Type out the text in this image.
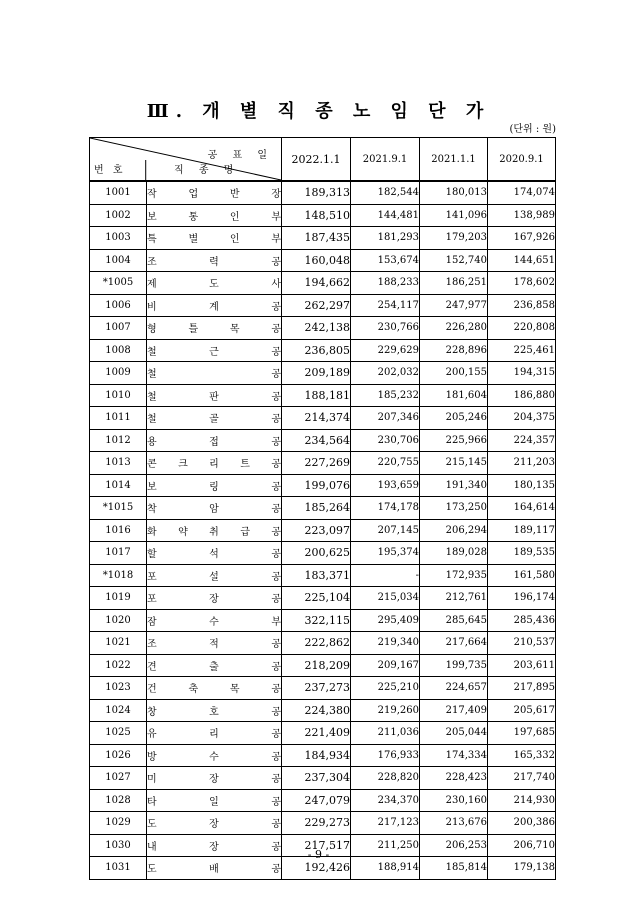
Ⅲ. 개 별 직 종 노 임 단 가
(단위 : 원)
공 표 일
번 호 직 종 명		2022.1.1	2021.9.1	2021.1.1	2020.9.1
1001	작 업 반 장	189,313	182,544	180,013	174,074
1002	보 통 인 부	148,510	144,481	141,096	138,989
1003	특 별 인 부	187,435	181,293	179,203	167,926
1004	조 력 공	160,048	153,674	152,740	144,651
*1005	제 도 사	194,662	188,233	186,251	178,602
1006	비 계 공	262,297	254,117	247,977	236,858
1007	형 틀 목 공	242,138	230,766	226,280	220,808
1008	철 근 공	236,805	229,629	228,896	225,461
1009	철 공	209,189	202,032	200,155	194,315
1010	철 판 공	188,181	185,232	181,604	186,880
1011	철 골 공	214,374	207,346	205,246	204,375
1012	용 접 공	234,564	230,706	225,966	224,357
1013	콘 크 리 트 공	227,269	220,755	215,145	211,203
1014	보 링 공	199,076	193,659	191,340	180,135
*1015	착 암 공	185,264	174,178	173,250	164,614
1016	화 약 취 급 공	223,097	207,145	206,294	189,117
1017	할 석 공	200,625	195,374	189,028	189,535
*1018	포 설 공	183,371	-	172,935	161,580
1019	포 장 공	225,104	215,034	212,761	196,174
1020	잠 수 부	322,115	295,409	285,645	285,436
1021	조 적 공	222,862	219,340	217,664	210,537
1022	견 출 공	218,209	209,167	199,735	203,611
1023	건 축 목 공	237,273	225,210	224,657	217,895
1024	창 호 공	224,380	219,260	217,409	205,617
1025	유 리 공	221,409	211,036	205,044	197,685
1026	방 수 공	184,934	176,933	174,334	165,332
1027	미 장 공	237,304	228,820	228,423	217,740
1028	타 일 공	247,079	234,370	230,160	214,930
1029	도 장 공	229,273	217,123	213,676	200,386
1030	내 장 공	217,517	211,250	206,253	206,710
1031	도 배 공	192,426	188,914	185,814	179,138
- 9 -
